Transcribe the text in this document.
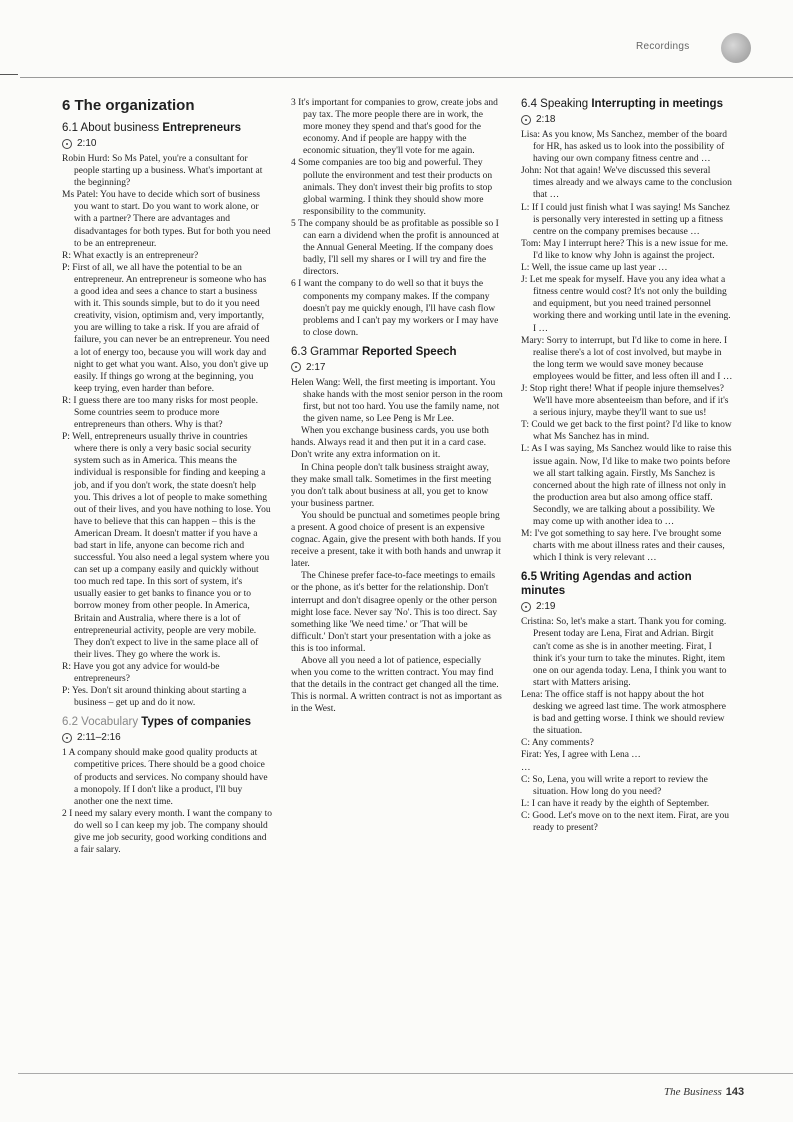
Recordings
6 The organization
6.1 About business Entrepreneurs
2:10

Robin Hurd: So Ms Patel, you're a consultant for people starting up a business. What's important at the beginning?

Ms Patel: You have to decide which sort of business you want to start. Do you want to work alone, or with a partner? There are advantages and disadvantages for both types. But for both you need to be an entrepreneur.

R: What exactly is an entrepreneur?

P: First of all, we all have the potential to be an entrepreneur. An entrepreneur is someone who has a good idea and sees a chance to start a business with it. This sounds simple, but to do it you need creativity, vision, optimism and, very importantly, you are willing to take a risk. If you are afraid of failure, you can never be an entrepreneur. You need a lot of energy too, because you will work day and night to get what you want. Also, you don't give up easily. If things go wrong at the beginning, you keep trying, even harder than before.

R: I guess there are too many risks for most people. Some countries seem to produce more entrepreneurs than others. Why is that?

P: Well, entrepreneurs usually thrive in countries where there is only a very basic social security system such as in America. This means the individual is responsible for finding and keeping a job, and if you don't work, the state doesn't help you. This drives a lot of people to make something out of their lives, and you have nothing to lose. You have to believe that this can happen – this is the American Dream. It doesn't matter if you have a bad start in life, anyone can become rich and successful. You also need a legal system where you can set up a company easily and quickly without too much red tape. In this sort of system, it's usually easier to get banks to finance you or to borrow money from other people. In America, Britain and Australia, where there is a lot of entrepreneurial activity, people are very mobile. They don't expect to live in the same place all of their lives. They go where the work is.

R: Have you got any advice for would-be entrepreneurs?

P: Yes. Don't sit around thinking about starting a business – get up and do it now.

6.2 Vocabulary Types of companies
2:11–2:16

1 A company should make good quality products at competitive prices. There should be a good choice of products and services. No company should have a monopoly. If I don't like a product, I'll buy another one the next time.

2 I need my salary every month. I want the company to do well so I can keep my job. The company should give me job security, good working conditions and a fair salary.

3 It's important for companies to grow, create jobs and pay tax. The more people there are in work, the more money they spend and that's good for the economy. And if people are happy with the economic situation, they'll vote for me again.

4 Some companies are too big and powerful. They pollute the environment and test their products on animals. They don't invest their big profits to stop global warming. I think they should show more responsibility to the community.

5 The company should be as profitable as possible so I can earn a dividend when the profit is announced at the Annual General Meeting. If the company does badly, I'll sell my shares or I will try and fire the directors.

6 I want the company to do well so that it buys the components my company makes. If the company doesn't pay me quickly enough, I'll have cash flow problems and I can't pay my workers or I may have to close down.

6.3 Grammar Reported Speech
2:17

Helen Wang: Well, the first meeting is important. You shake hands with the most senior person in the room first, but not too hard. You use the family name, not the given name, so Lee Peng is Mr Lee.

When you exchange business cards, you use both hands. Always read it and then put it in a card case. Don't write any extra information on it.

In China people don't talk business straight away, they make small talk. Sometimes in the first meeting you don't talk about business at all, you get to know your business partner.

You should be punctual and sometimes people bring a present. A good choice of present is an expensive cognac. Again, give the present with both hands. If you receive a present, take it with both hands and unwrap it later.

The Chinese prefer face-to-face meetings to emails or the phone, as it's better for the relationship. Don't interrupt and don't disagree openly or the other person might lose face. Never say 'No'. This is too direct. Say something like 'We need time.' or 'That will be difficult.' Don't start your presentation with a joke as this is too informal.

Above all you need a lot of patience, especially when you come to the written contract. You may find that the details in the contract get changed all the time. This is normal. A written contract is not as important as in the West.

6.4 Speaking Interrupting in meetings
2:18

Lisa: As you know, Ms Sanchez, member of the board for HR, has asked us to look into the possibility of having our own company fitness centre and …

John: Not that again! We've discussed this several times already and we always came to the conclusion that …

L: If I could just finish what I was saying! Ms Sanchez is personally very interested in setting up a fitness centre on the company premises because …

Tom: May I interrupt here? This is a new issue for me. I'd like to know why John is against the project.

L: Well, the issue came up last year …

J: Let me speak for myself. Have you any idea what a fitness centre would cost? It's not only the building and equipment, but you need trained personnel working there and working until late in the evening. I …

Mary: Sorry to interrupt, but I'd like to come in here. I realise there's a lot of cost involved, but maybe in the long term we would save money because employees would be fitter, and less often ill and I …

J: Stop right there! What if people injure themselves? We'll have more absenteeism than before, and if it's a serious injury, maybe they'll want to sue us!

T: Could we get back to the first point? I'd like to know what Ms Sanchez has in mind.

L: As I was saying, Ms Sanchez would like to raise this issue again. Now, I'd like to make two points before we all start talking again. Firstly, Ms Sanchez is concerned about the high rate of illness not only in the production area but also among office staff. Secondly, we are talking about a possibility. We may come up with another idea to …

M: I've got something to say here. I've brought some charts with me about illness rates and their causes, which I think is very relevant …

6.5 Writing Agendas and action minutes
2:19

Cristina: So, let's make a start. Thank you for coming. Present today are Lena, Firat and Adrian. Birgit can't come as she is in another meeting. Firat, I think it's your turn to take the minutes. Right, item one on our agenda today. Lena, I think you want to start with Matters arising.

Lena: The office staff is not happy about the hot desking we agreed last time. The work atmosphere is bad and getting worse. I think we should review the situation.

C: Any comments?

Firat: Yes, I agree with Lena …

…

C: So, Lena, you will write a report to review the situation. How long do you need?

L: I can have it ready by the eighth of September.

C: Good. Let's move on to the next item. Firat, are you ready to present?

The Business 143
